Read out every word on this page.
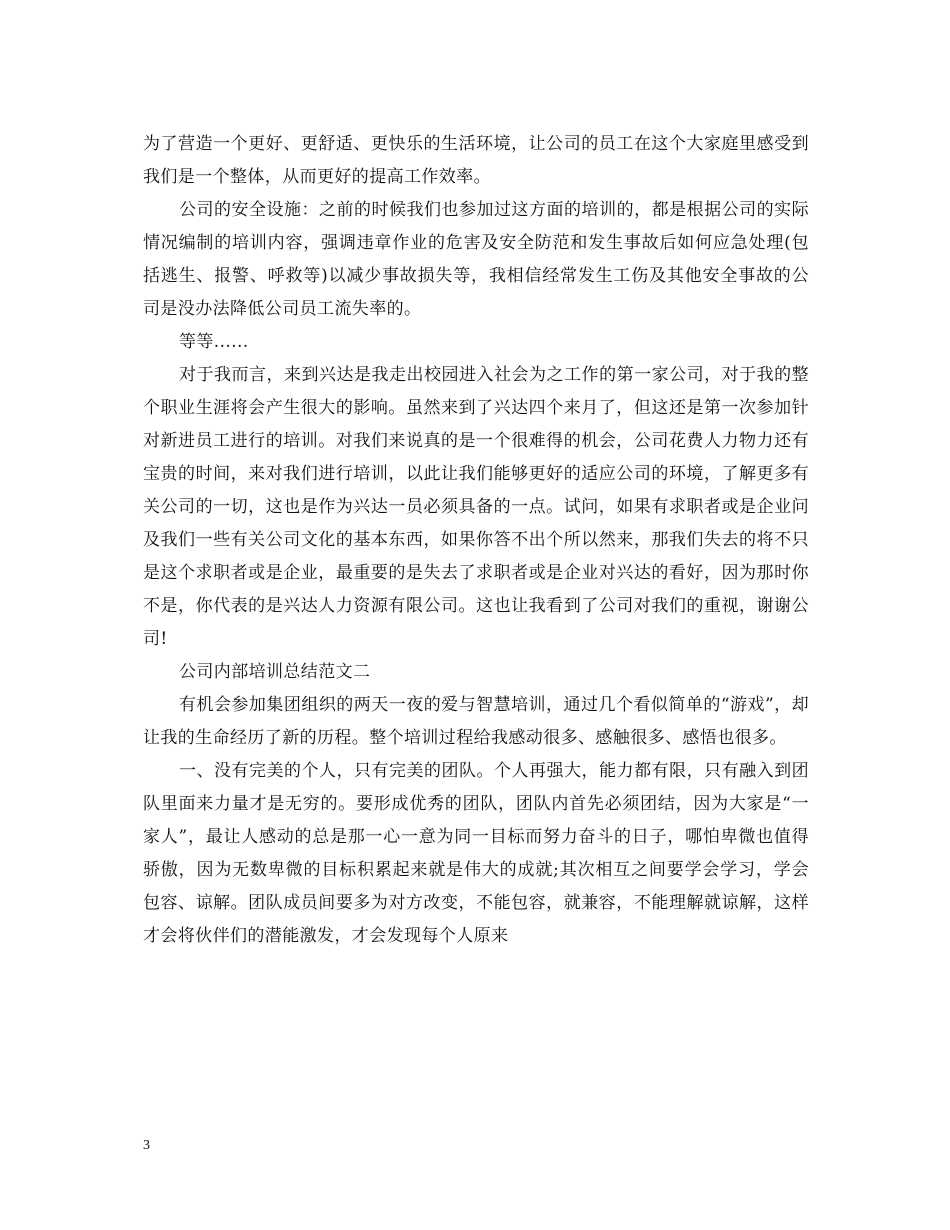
为了营造一个更好、更舒适、更快乐的生活环境，让公司的员工在这个大家庭里感受到我们是一个整体，从而更好的提高工作效率。

公司的安全设施：之前的时候我们也参加过这方面的培训的，都是根据公司的实际情况编制的培训内容，强调违章作业的危害及安全防范和发生事故后如何应急处理(包括逃生、报警、呼救等)以减少事故损失等，我相信经常发生工伤及其他安全事故的公司是没办法降低公司员工流失率的。

等等......

对于我而言，来到兴达是我走出校园进入社会为之工作的第一家公司，对于我的整个职业生涯将会产生很大的影响。虽然来到了兴达四个来月了，但这还是第一次参加针对新进员工进行的培训。对我们来说真的是一个很难得的机会，公司花费人力物力还有宝贵的时间，来对我们进行培训，以此让我们能够更好的适应公司的环境，了解更多有关公司的一切，这也是作为兴达一员必须具备的一点。试问，如果有求职者或是企业问及我们一些有关公司文化的基本东西，如果你答不出个所以然来，那我们失去的将不只是这个求职者或是企业，最重要的是失去了求职者或是企业对兴达的看好，因为那时你不是，你代表的是兴达人力资源有限公司。这也让我看到了公司对我们的重视，谢谢公司!

公司内部培训总结范文二

有机会参加集团组织的两天一夜的爱与智慧培训，通过几个看似简单的“游戏”，却让我的生命经历了新的历程。整个培训过程给我感动很多、感触很多、感悟也很多。

一、没有完美的个人，只有完美的团队。个人再强大，能力都有限，只有融入到团队里面来力量才是无穷的。要形成优秀的团队，团队内首先必须团结，因为大家是“一家人”，最让人感动的总是那一心一意为同一目标而努力奋斗的日子，哪怕卑微也值得骄傲，因为无数卑微的目标积累起来就是伟大的成就;其次相互之间要学会学习，学会包容、谅解。团队成员间要多为对方改变，不能包容，就兼容，不能理解就谅解，这样才会将伙伴们的潜能激发，才会发现每个人原来

3
